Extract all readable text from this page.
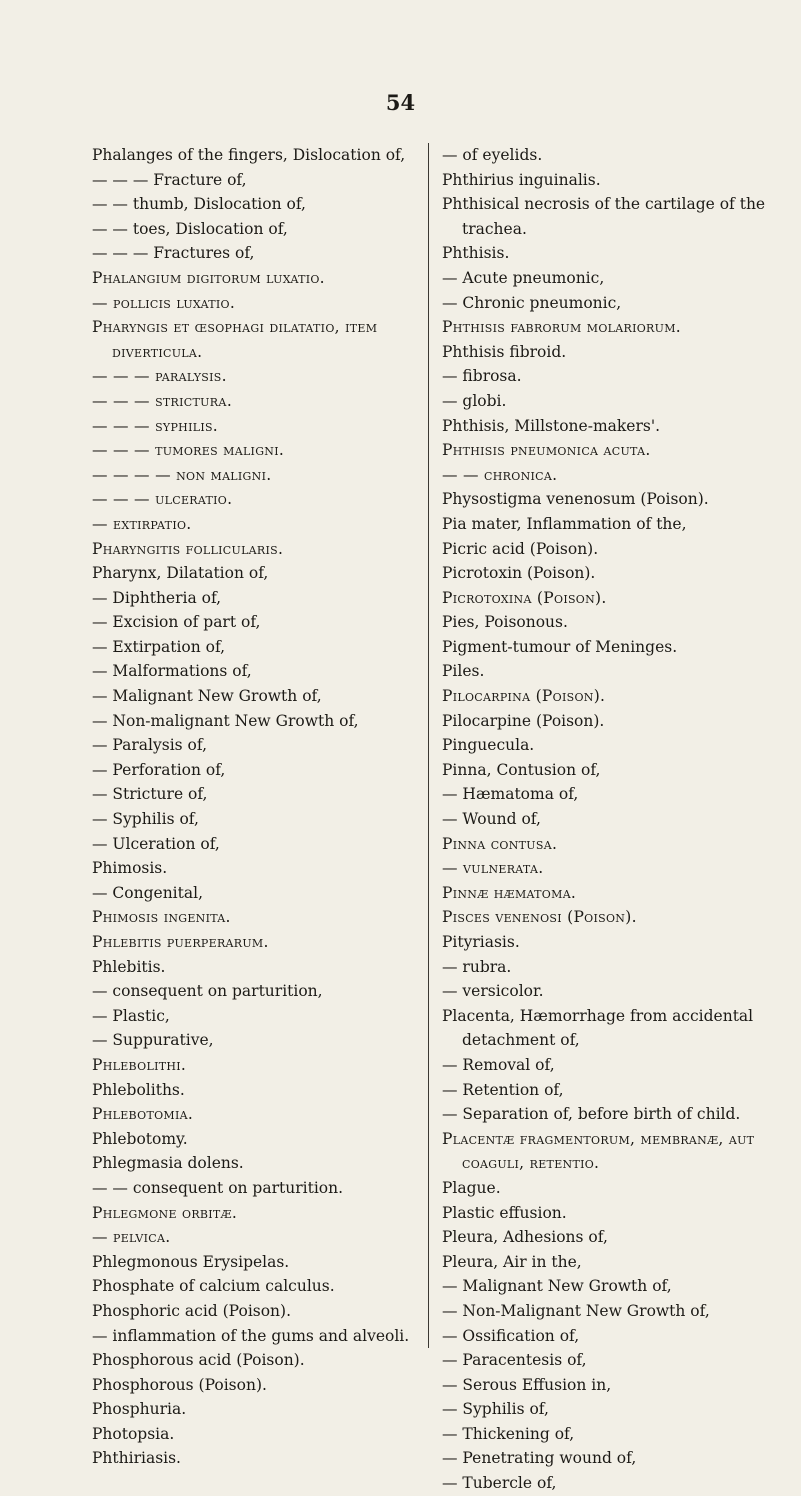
54
Phalanges of the fingers, Dislocation of,
— — — Fracture of,
— — thumb, Dislocation of,
— — toes, Dislocation of,
— — — Fractures of,
Phalangium digitorum luxatio.
— pollicis luxatio.
Pharyngis et œsophagi dilatatio, item diverticula.
— — — paralysis.
— — — stricturа.
— — — syphilis.
— — — tumores maligni.
— — — — non maligni.
— — — ulceratio.
— extirpatio.
Pharyngitis follicularis.
Pharynx, Dilatation of,
— Diphtheria of,
— Excision of part of,
— Extirpation of,
— Malformations of,
— Malignant New Growth of,
— Non-malignant New Growth of,
— Paralysis of,
— Perforation of,
— Stricture of,
— Syphilis of,
— Ulceration of,
Phimosis.
— Congenital,
Phimosis ingenita.
Phlebitis puerperarum.
Phlebitis.
— consequent on parturition,
— Plastic,
— Suppurative,
Phlebolithi.
Phleboliths.
Phlebotomia.
Phlebotomy.
Phlegmasia dolens.
— — consequent on parturition.
Phlegmone orbitæ.
— pelvica.
Phlegmonous Erysipelas.
Phosphate of calcium calculus.
Phosphoric acid (Poison).
— inflammation of the gums and alveoli.
Phosphorous acid (Poison).
Phosphorous (Poison).
Phosphuria.
Photopsia.
Phthiriasis.
— of eyelids.
Phthirius inguinalis.
Phthisical necrosis of the cartilage of the trachea.
Phthisis.
— Acute pneumonic,
— Chronic pneumonic,
Phthisis fabrorum molariorum.
Phthisis fibroid.
— fibrosa.
— globi.
Phthisis, Millstone-makers'.
Phthisis pneumonica acuta.
— — chronica.
Physostigma venenosum (Poison).
Pia mater, Inflammation of the,
Picric acid (Poison).
Picrotoxin (Poison).
Picrotoxina (Poison).
Pies, Poisonous.
Pigment-tumour of Meninges.
Piles.
Pilocarpina (Poison).
Pilocarpine (Poison).
Pinguecula.
Pinna, Contusion of,
— Hæmatoma of,
— Wound of,
Pinna contusa.
— vulnerata.
Pinnæ hæmatoma.
Pisces venenosi (Poison).
Pityriasis.
— rubra.
— versicolor.
Placenta, Hæmorrhage from accidental detachment of,
— Removal of,
— Retention of,
— Separation of, before birth of child.
Placentæ fragmentorum, membranæ, aut coaguli, retentio.
Plague.
Plastic effusion.
Pleura, Adhesions of,
Pleura, Air in the,
— Malignant New Growth of,
— Non-Malignant New Growth of,
— Ossification of,
— Paracentesis of,
— Serous Effusion in,
— Syphilis of,
— Thickening of,
— Penetrating wound of,
— Tubercle of,
